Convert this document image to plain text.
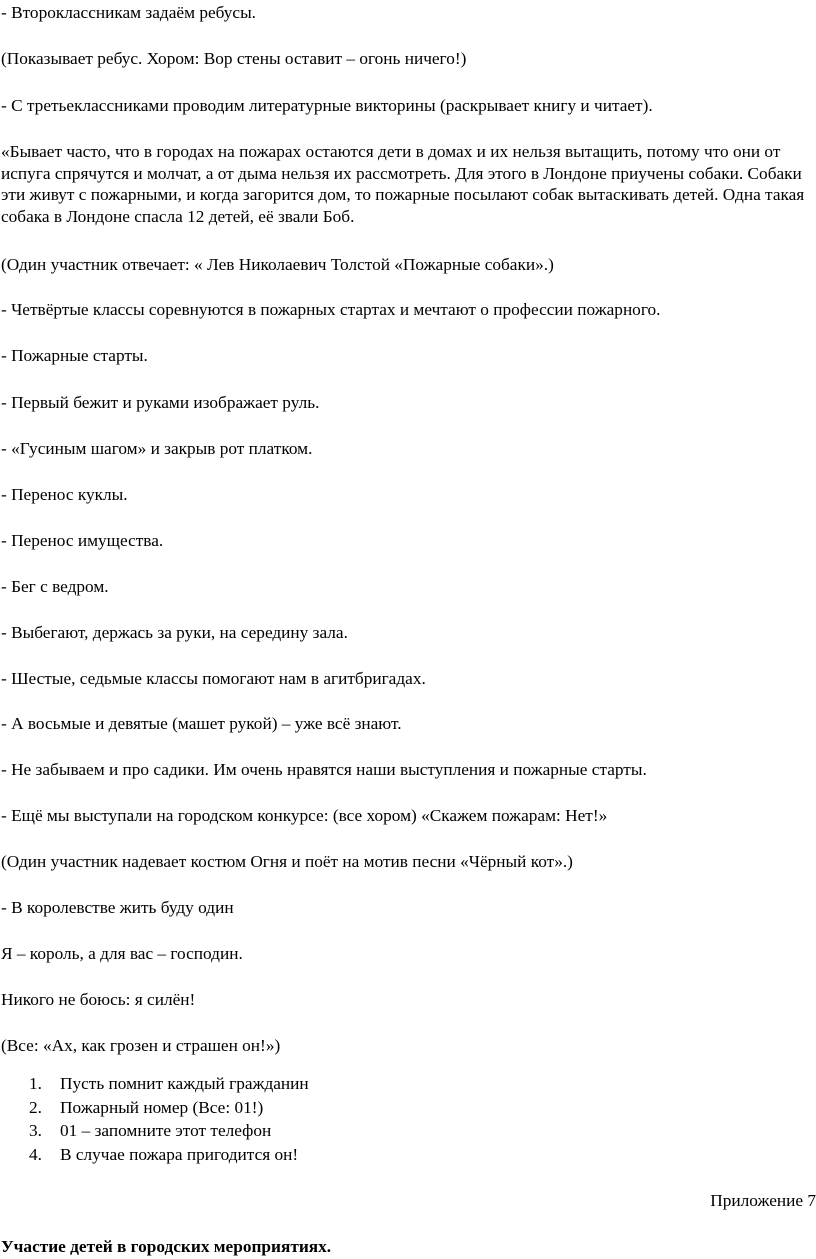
- Второклассникам задаём ребусы.

(Показывает ребус. Хором: Вор стены оставит – огонь ничего!)

- С третьеклассниками проводим литературные викторины (раскрывает книгу и читает).

«Бывает часто, что в городах на пожарах остаются дети в домах и их нельзя вытащить, потому что они от испуга спрячутся и молчат, а от дыма нельзя их рассмотреть. Для этого в Лондоне приучены собаки. Собаки эти живут с пожарными, и когда загорится дом, то пожарные посылают собак вытаскивать детей. Одна такая собака в Лондоне спасла 12 детей, её звали Боб.

(Один участник отвечает: « Лев Николаевич Толстой «Пожарные собаки».)

- Четвёртые классы соревнуются в пожарных стартах и мечтают о профессии пожарного.

- Пожарные старты.

- Первый бежит и руками изображает руль.

- «Гусиным шагом» и закрыв рот платком.

- Перенос куклы.

- Перенос имущества.

- Бег с ведром.

- Выбегают, держась за руки, на середину зала.

- Шестые, седьмые классы помогают нам в агитбригадах.

- А восьмые и девятые (машет рукой) – уже всё знают.

- Не забываем и про садики. Им очень нравятся наши выступления и пожарные старты.

- Ещё мы выступали на городском конкурсе: (все хором) «Скажем пожарам: Нет!»

(Один участник надевает костюм Огня и поёт на мотив песни «Чёрный кот».)

- В королевстве жить буду один

Я – король, а для вас – господин.

Никого не боюсь: я силён!

(Все: «Ах, как грозен и страшен он!»)

1. Пусть помнит каждый гражданин
2. Пожарный номер (Все: 01!)
3. 01 – запомните этот телефон
4. В случае пожара пригодится он!
Приложение 7
Участие детей в городских мероприятиях.
